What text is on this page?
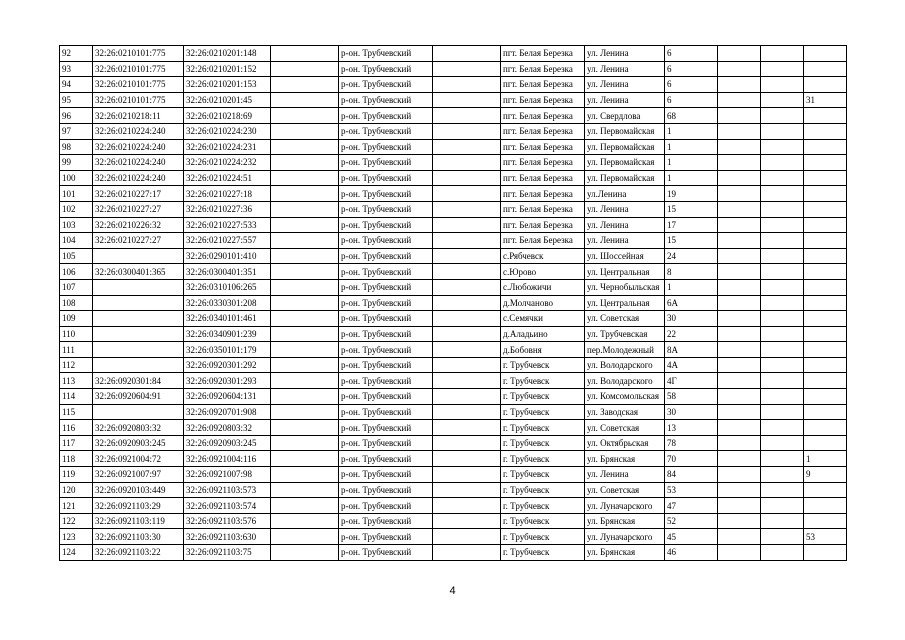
92	32:26:0210101:775	32:26:0210201:148		р-он. Трубчевский		пгт. Белая Березка	ул. Ленина	6			
93	32:26:0210101:775	32:26:0210201:152		р-он. Трубчевский		пгт. Белая Березка	ул. Ленина	6			
94	32:26:0210101:775	32:26:0210201:153		р-он. Трубчевский		пгт. Белая Березка	ул. Ленина	6			
95	32:26:0210101:775	32:26:0210201:45		р-он. Трубчевский		пгт. Белая Березка	ул. Ленина	6			31
96	32:26:0210218:11	32:26:0210218:69		р-он. Трубчевский		пгт. Белая Березка	ул. Свердлова	68			
97	32:26:0210224:240	32:26:0210224:230		р-он. Трубчевский		пгт. Белая Березка	ул. Первомайская	1			
98	32:26:0210224:240	32:26:0210224:231		р-он. Трубчевский		пгт. Белая Березка	ул. Первомайская	1			
99	32:26:0210224:240	32:26:0210224:232		р-он. Трубчевский		пгт. Белая Березка	ул. Первомайская	1			
100	32:26:0210224:240	32:26:0210224:51		р-он. Трубчевский		пгт. Белая Березка	ул. Первомайская	1			
101	32:26:0210227:17	32:26:0210227:18		р-он. Трубчевский		пгт. Белая Березка	ул.Ленина	19			
102	32:26:0210227:27	32:26:0210227:36		р-он. Трубчевский		пгт. Белая Березка	ул. Ленина	15			
103	32:26:0210226:32	32:26:0210227:533		р-он. Трубчевский		пгт. Белая Березка	ул. Ленина	17			
104	32:26:0210227:27	32:26:0210227:557		р-он. Трубчевский		пгт. Белая Березка	ул. Ленина	15			
105		32:26:0290101:410		р-он. Трубчевский		с.Рябчевск	ул. Шоссейная	24			
106	32:26:0300401:365	32:26:0300401:351		р-он. Трубчевский		с.Юрово	ул. Центральная	8			
107		32:26:0310106:265		р-он. Трубчевский		с.Любожичи	ул. Чернобыльская	1			
108		32:26:0330301:208		р-он. Трубчевский		д.Молчаново	ул. Центральная	6А			
109		32:26:0340101:461		р-он. Трубчевский		с.Семячки	ул. Советская	30			
110		32:26:0340901:239		р-он. Трубчевский		д.Аладьино	ул. Трубчевская	22			
111		32:26:0350101:179		р-он. Трубчевский		д.Бобовня	пер.Молодежный	8А			
112		32:26:0920301:292		р-он. Трубчевский		г. Трубчевск	ул. Володарского	4А			
113	32:26:0920301:84	32:26:0920301:293		р-он. Трубчевский		г. Трубчевск	ул. Володарского	4Г			
114	32:26:0920604:91	32:26:0920604:131		р-он. Трубчевский		г. Трубчевск	ул. Комсомольская	58			
115		32:26:0920701:908		р-он. Трубчевский		г. Трубчевск	ул. Заводская	30			
116	32:26:0920803:32	32:26:0920803:32		р-он. Трубчевский		г. Трубчевск	ул. Советская	13			
117	32:26:0920903:245	32:26:0920903:245		р-он. Трубчевский		г. Трубчевск	ул. Октябрьская	78			
118	32:26:0921004:72	32:26:0921004:116		р-он. Трубчевский		г. Трубчевск	ул. Брянская	70			1
119	32:26:0921007:97	32:26:0921007:98		р-он. Трубчевский		г. Трубчевск	ул. Ленина	84			9
120	32:26:0920103:449	32:26:0921103:573		р-он. Трубчевский		г. Трубчевск	ул. Советская	53			
121	32:26:0921103:29	32:26:0921103:574		р-он. Трубчевский		г. Трубчевск	ул. Луначарского	47			
122	32:26:0921103:119	32:26:0921103:576		р-он. Трубчевский		г. Трубчевск	ул. Брянская	52			
123	32:26:0921103:30	32:26:0921103:630		р-он. Трубчевский		г. Трубчевск	ул. Луначарского	45			53
124	32:26:0921103:22	32:26:0921103:75		р-он. Трубчевский		г. Трубчевск	ул. Брянская	46			
4
